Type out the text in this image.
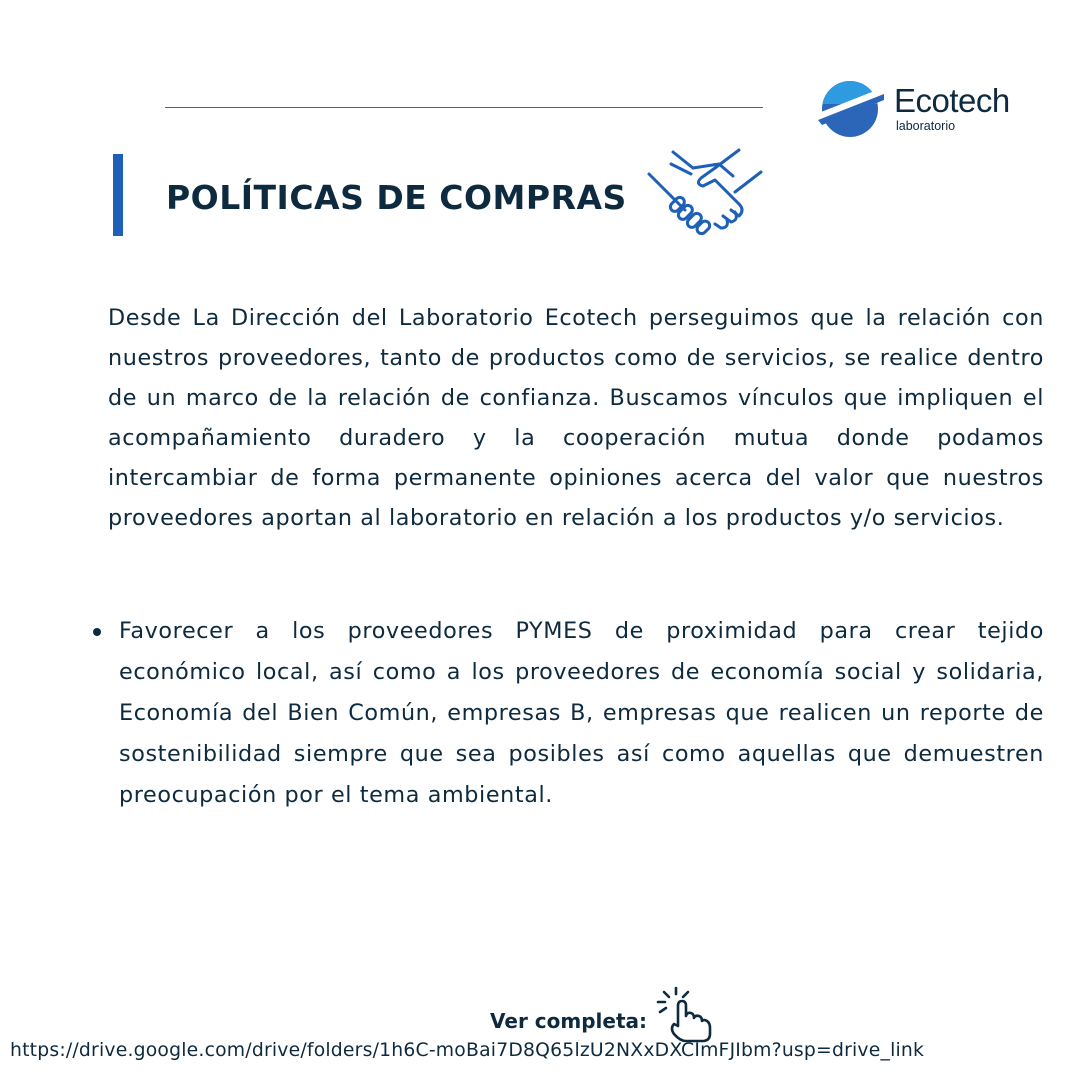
Ecotech
laboratorio
POLÍTICAS DE COMPRAS

Desde La Dirección del Laboratorio Ecotech perseguimos que la relación con nuestros proveedores, tanto de productos como de servicios, se realice dentro de un marco de la relación de confianza. Buscamos vínculos que impliquen el acompañamiento duradero y la cooperación mutua donde podamos intercambiar de forma permanente opiniones acerca del valor que nuestros proveedores aportan al laboratorio en relación a los productos y/o servicios.

Favorecer a los proveedores PYMES de proximidad para crear tejido económico local, así como a los proveedores de economía social y solidaria, Economía del Bien Común, empresas B, empresas que realicen un reporte de sostenibilidad siempre que sea posibles así como aquellas que demuestren preocupación por el tema ambiental.
Ver completa:
https://drive.google.com/drive/folders/1h6C-moBai7D8Q65lzU2NXxDXCImFJIbm?usp=drive_link
